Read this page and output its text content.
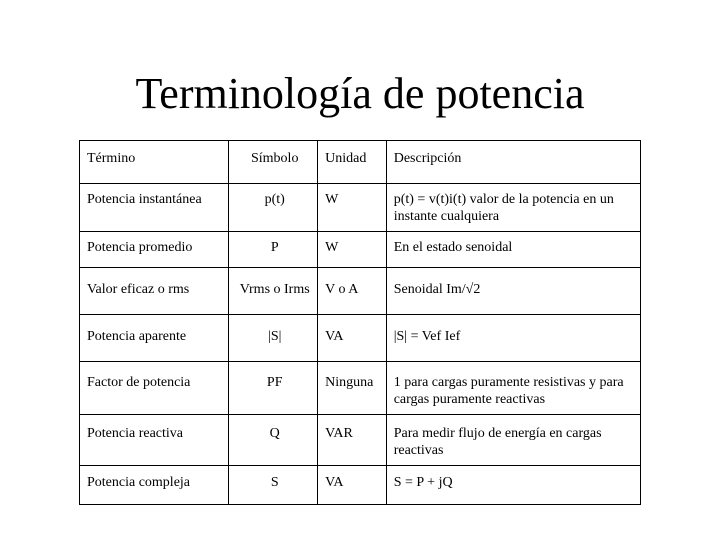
Terminología de potencia
Término	Símbolo	Unidad	Descripción
Potencia instantánea	p(t)	W	p(t) = v(t)i(t) valor de la potencia en un instante cualquiera
Potencia promedio	P	W	En el estado senoidal
Valor eficaz o rms	Vrms o Irms	V o A	Senoidal Im/√2
Potencia aparente	|S|	VA	|S| = Vef Ief
Factor de potencia	PF	Ninguna	1 para cargas puramente resistivas y para cargas puramente reactivas
Potencia reactiva	Q	VAR	Para medir flujo de energía en cargas reactivas
Potencia compleja	S	VA	S = P + jQ
